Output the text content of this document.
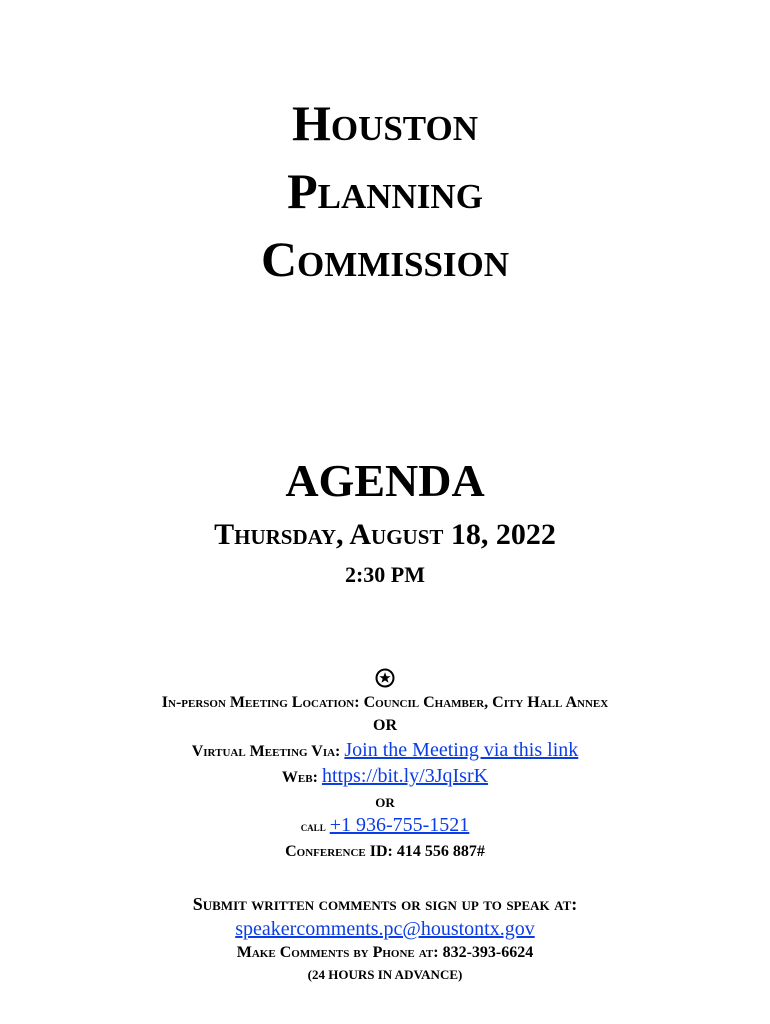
Houston
Planning
Commission
AGENDA
Thursday, August 18, 2022
2:30 PM
In-person Meeting Location: Council Chamber, City Hall Annex
OR
Virtual Meeting Via: Join the Meeting via this link
Web: https://bit.ly/3JqIsrK
OR
call +1 936-755-1521
Conference ID: 414 556 887#
Submit written comments or sign up to speak at:
speakercomments.pc@houstontx.gov
Make Comments by Phone at: 832-393-6624
(24 HOURS IN ADVANCE)
